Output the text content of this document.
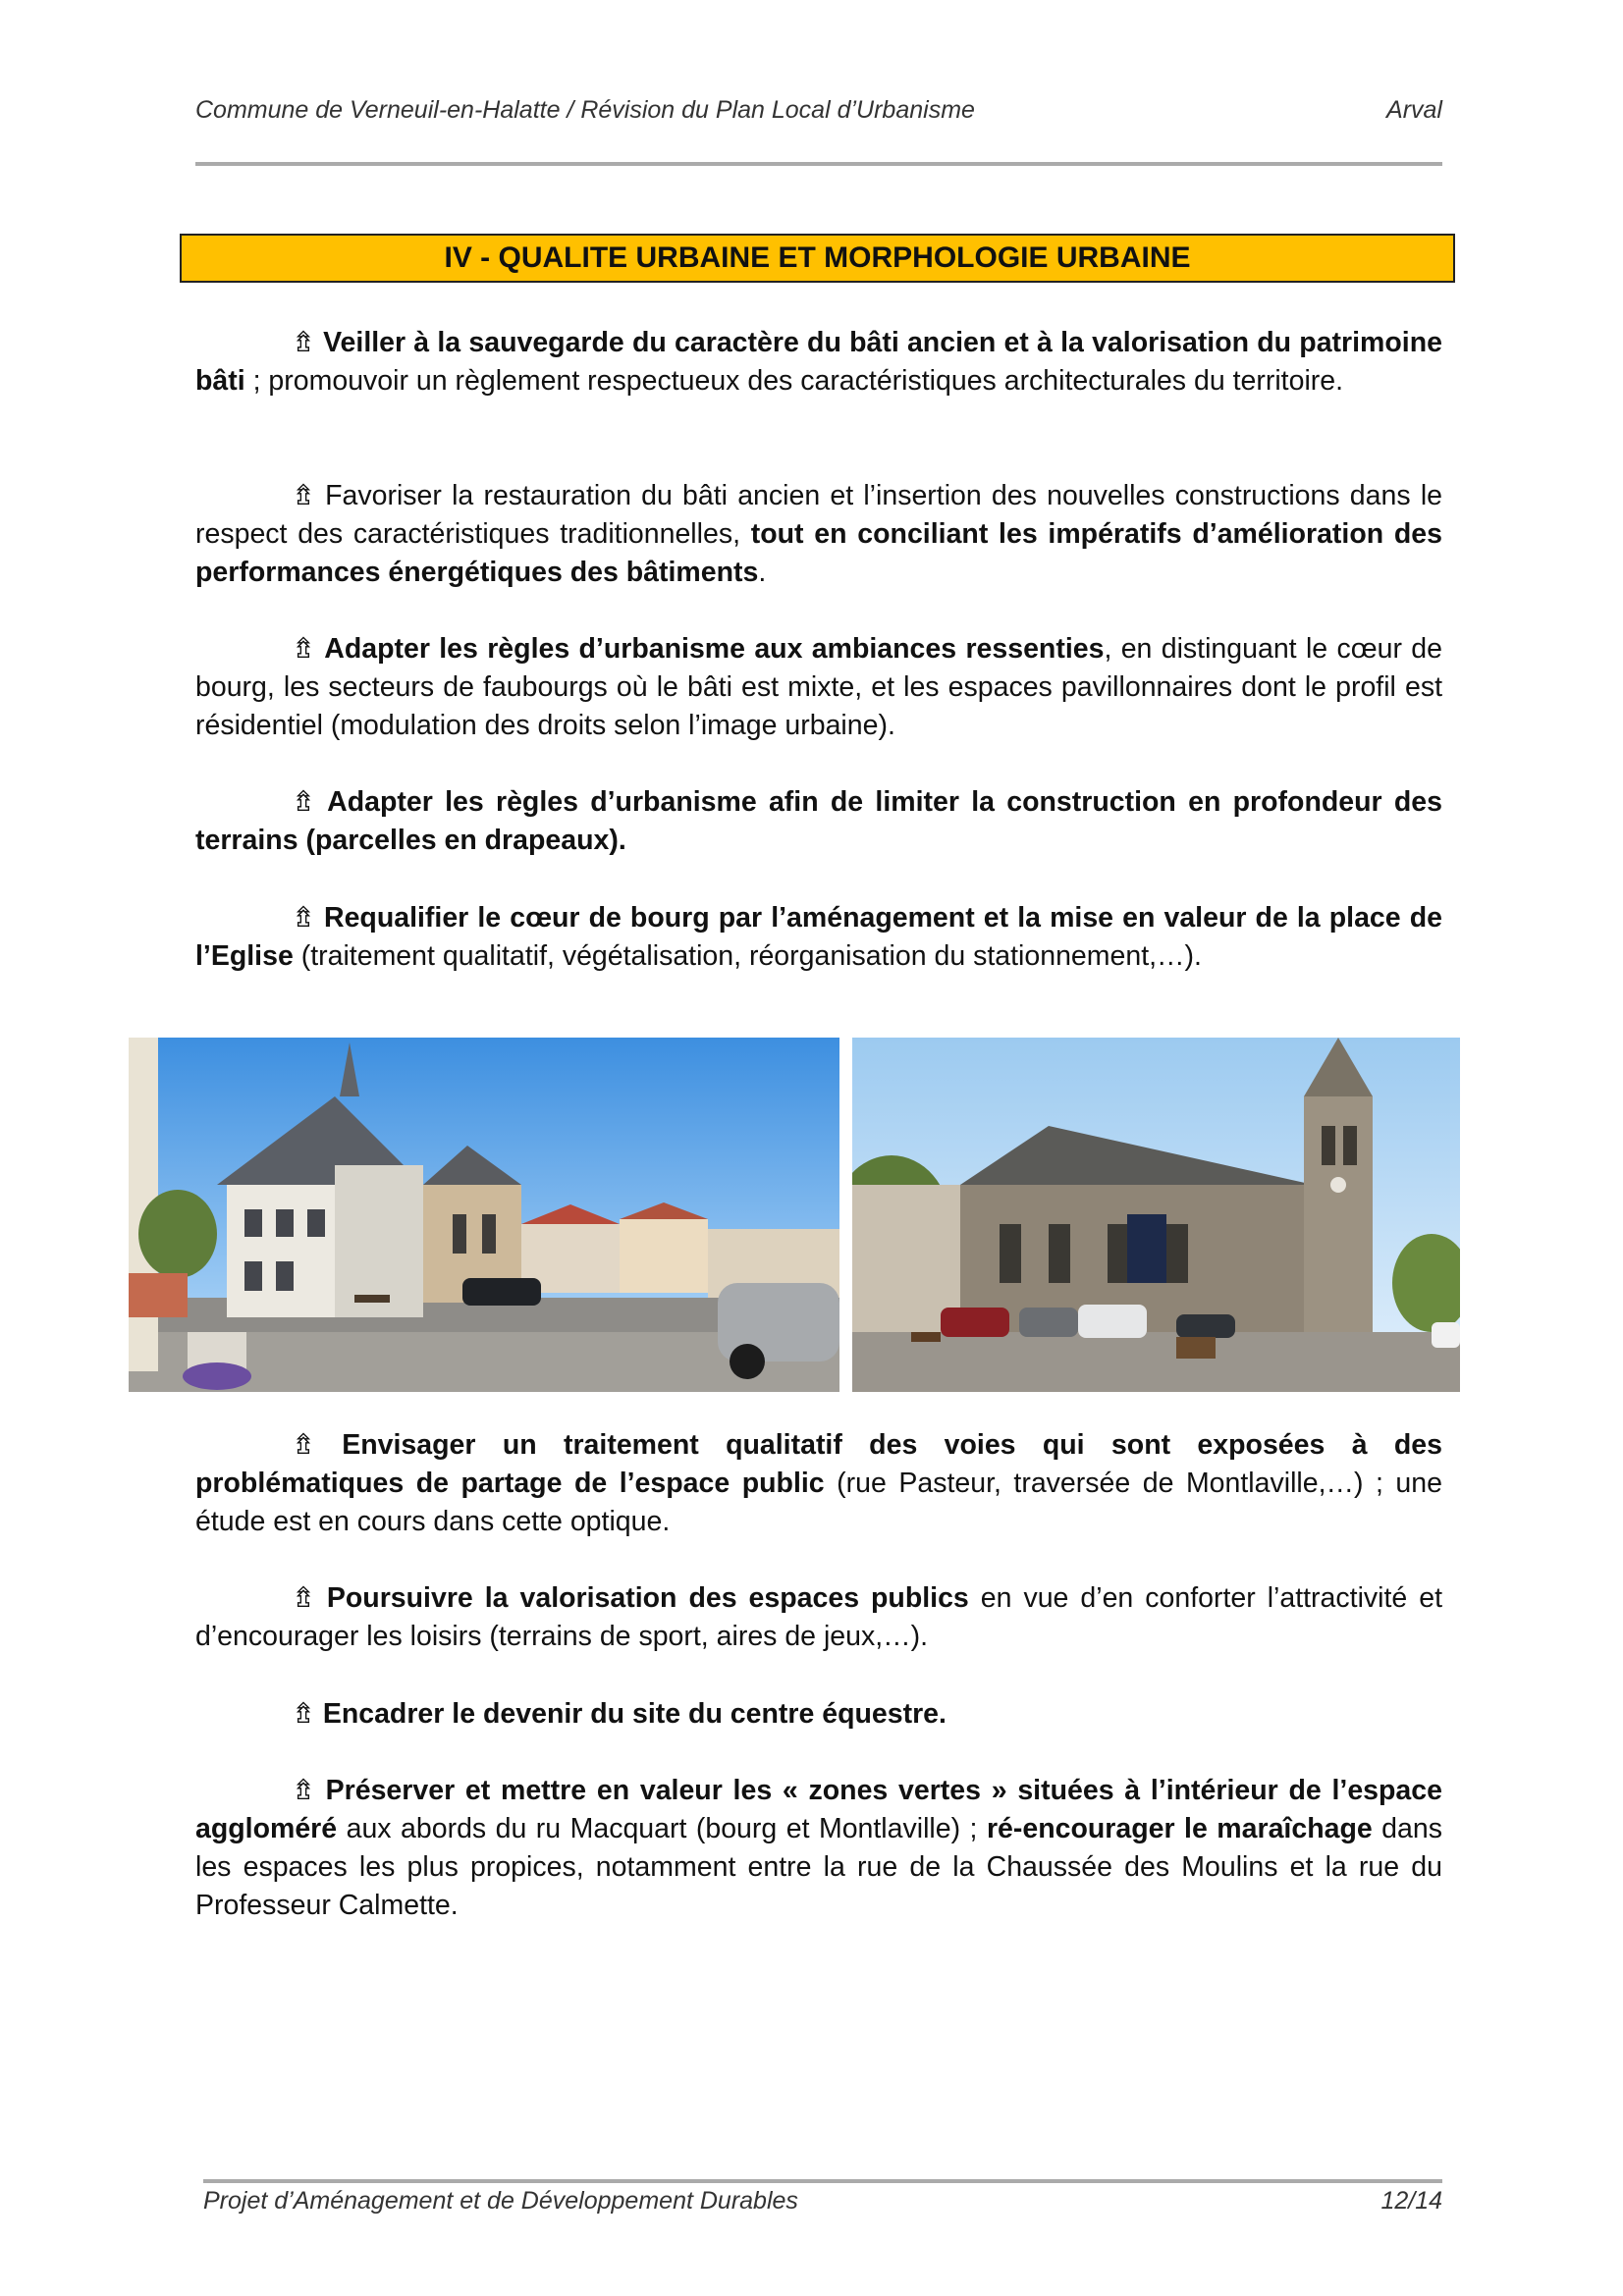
Commune de Verneuil-en-Halatte / Révision du Plan Local d’Urbanisme	Arval
IV - QUALITE URBAINE ET MORPHOLOGIE URBAINE
⇯ Veiller à la sauvegarde du caractère du bâti ancien et à la valorisation du patrimoine bâti ; promouvoir un règlement respectueux des caractéristiques architecturales du territoire.
⇯ Favoriser la restauration du bâti ancien et l’insertion des nouvelles constructions dans le respect des caractéristiques traditionnelles, tout en conciliant les impératifs d’amélioration des performances énergétiques des bâtiments.
⇯ Adapter les règles d’urbanisme aux ambiances ressenties, en distinguant le cœur de bourg, les secteurs de faubourgs où le bâti est mixte, et les espaces pavillonnaires dont le profil est résidentiel (modulation des droits selon l’image urbaine).
⇯ Adapter les règles d’urbanisme afin de limiter la construction en profondeur des terrains (parcelles en drapeaux).
⇯ Requalifier le cœur de bourg par l’aménagement et la mise en valeur de la place de l’Eglise (traitement qualitatif, végétalisation, réorganisation du stationnement,…).
⇯ Envisager un traitement qualitatif des voies qui sont exposées à des problématiques de partage de l’espace public (rue Pasteur, traversée de Montlaville,…) ; une étude est en cours dans cette optique.
⇯ Poursuivre la valorisation des espaces publics en vue d’en conforter l’attractivité et d’encourager les loisirs (terrains de sport, aires de jeux,…).
⇯ Encadrer le devenir du site du centre équestre.
⇯ Préserver et mettre en valeur les « zones vertes » situées à l’intérieur de l’espace aggloméré aux abords du ru Macquart (bourg et Montlaville) ; ré-encourager le maraîchage dans les espaces les plus propices, notamment entre la rue de la Chaussée des Moulins et la rue du Professeur Calmette.
Projet d’Aménagement et de Développement Durables	12/14
